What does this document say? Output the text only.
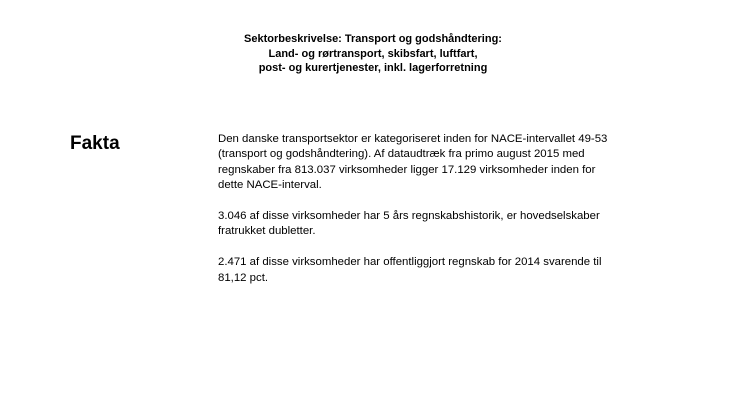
Sektorbeskrivelse: Transport og godshåndtering:
Land- og rørtransport, skibsfart, luftfart,
post- og kurertjenester, inkl. lagerforretning
Fakta	Den danske transportsektor er kategoriseret inden for NACE-intervallet 49-53
(transport og godshåndtering). Af dataudtræk fra primo august 2015 med
regnskaber fra 813.037 virksomheder ligger 17.129 virksomheder inden for
dette NACE-interval.

3.046 af disse virksomheder har 5 års regnskabshistorik, er hovedselskaber
fratrukket dubletter.

2.471 af disse virksomheder har offentliggjort regnskab for 2014 svarende til
81,12 pct.
